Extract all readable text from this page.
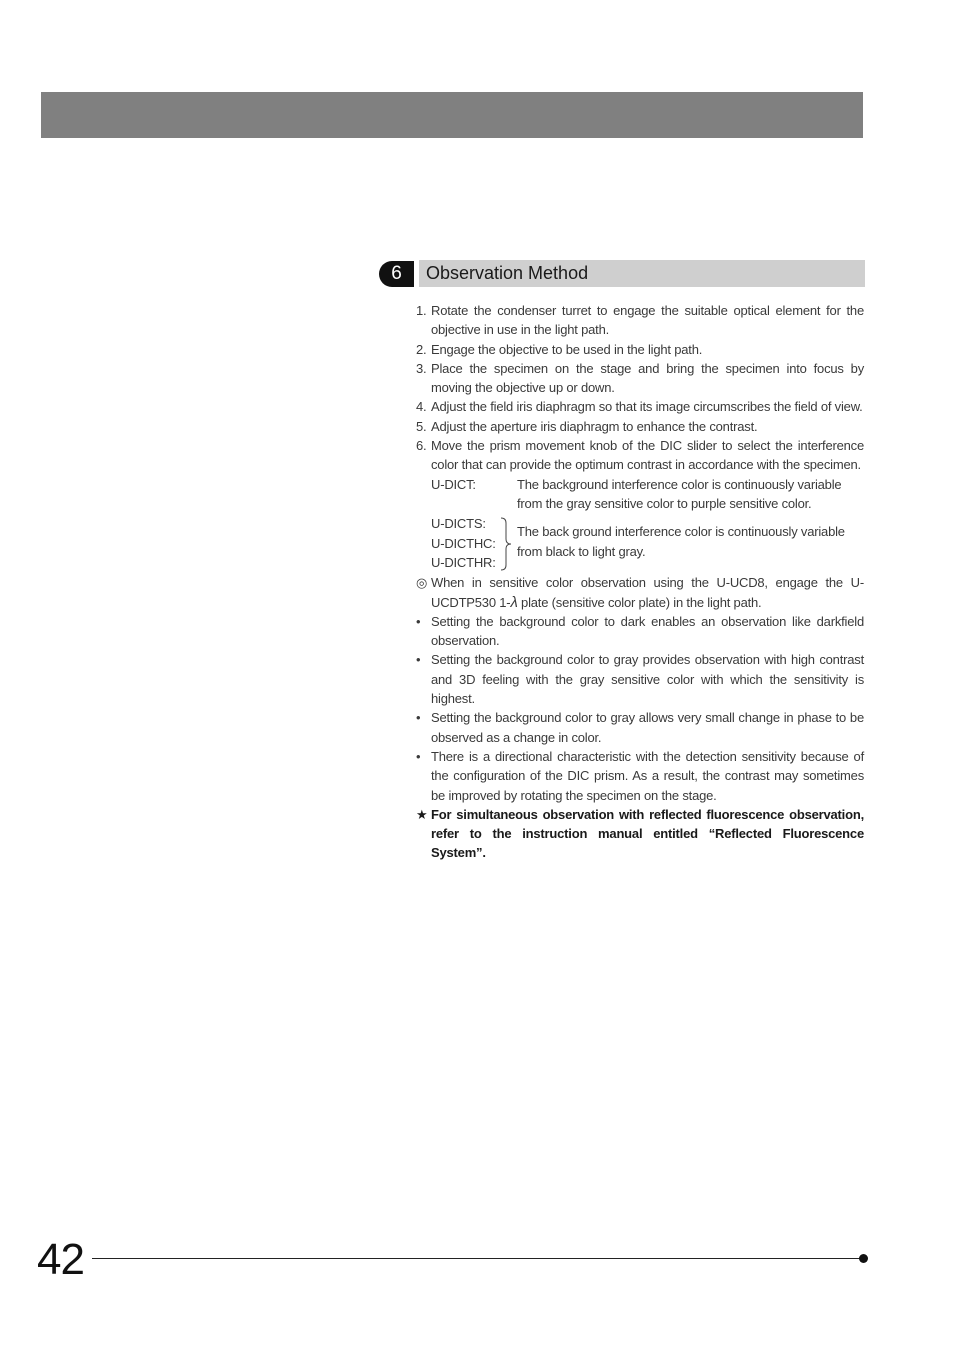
6	Observation Method
1. Rotate the condenser turret to engage the suitable optical element for the objective in use in the light path.
2. Engage the objective to be used in the light path.
3. Place the specimen on the stage and bring the specimen into focus by moving the objective up or down.
4. Adjust the field iris diaphragm so that its image circumscribes the field of view.
5. Adjust the aperture iris diaphragm to enhance the contrast.
6. Move the prism movement knob of the DIC slider to select the interference color that can provide the optimum contrast in accordance with the specimen.
U-DICT:	The background interference color is continuously variable from the gray sensitive color to purple sensitive color.
U-DICTS:
U-DICTHC:
U-DICTHR:
The back ground interference color is continuously variable from black to light gray.
◎ When in sensitive color observation using the U-UCD8, engage the U-UCDTP530 1-λ plate (sensitive color plate) in the light path.
• Setting the background color to dark enables an observation like darkfield observation.
• Setting the background color to gray provides observation with high contrast and 3D feeling with the gray sensitive color with which the sensitivity is highest.
• Setting the background color to gray allows very small change in phase to be observed as a change in color.
• There is a directional characteristic with the detection sensitivity because of the configuration of the DIC prism. As a result, the contrast may sometimes be improved by rotating the specimen on the stage.
★ For simultaneous observation with reflected fluorescence observation, refer to the instruction manual entitled “Reflected Fluorescence System”.
42
